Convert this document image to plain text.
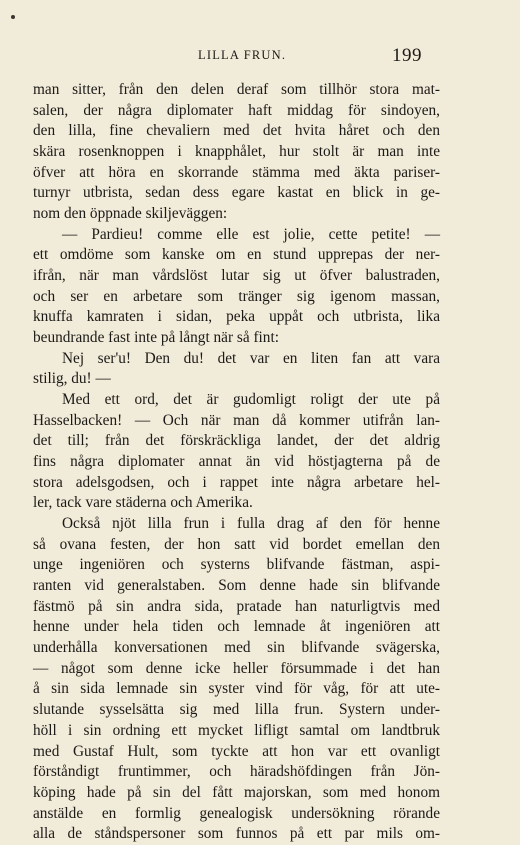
LILLA FRUN.	199
man sitter, från den delen deraf som tillhör stora mat-
salen, der några diplomater haft middag för sindoyen,
den lilla, fine chevaliern med det hvita håret och den
skära rosenknoppen i knapphålet, hur stolt är man inte
öfver att höra en skorrande stämma med äkta pariser-
turnyr utbrista, sedan dess egare kastat en blick in ge-
nom den öppnade skiljeväggen:
— Pardieu! comme elle est jolie, cette petite! —
ett omdöme som kanske om en stund upprepas der ner-
ifrån, när man vårdslöst lutar sig ut öfver balustraden,
och ser en arbetare som tränger sig igenom massan,
knuffa kamraten i sidan, peka uppåt och utbrista, lika
beundrande fast inte på långt när så fint:
Nej ser'u! Den du! det var en liten fan att vara
stilig, du! —
Med ett ord, det är gudomligt roligt der ute på
Hasselbacken! — Och när man då kommer utifrån lan-
det till; från det förskräckliga landet, der det aldrig
fins några diplomater annat än vid höstjagterna på de
stora adelsgodsen, och i rappet inte några arbetare hel-
ler, tack vare städerna och Amerika.
Också njöt lilla frun i fulla drag af den för henne
så ovana festen, der hon satt vid bordet emellan den
unge ingeniören och systerns blifvande fästman, aspi-
ranten vid generalstaben. Som denne hade sin blifvande
fästmö på sin andra sida, pratade han naturligtvis med
henne under hela tiden och lemnade åt ingeniören att
underhålla konversationen med sin blifvande svägerska,
— något som denne icke heller försummade i det han
å sin sida lemnade sin syster vind för våg, för att ute-
slutande sysselsätta sig med lilla frun. Systern under-
höll i sin ordning ett mycket lifligt samtal om landtbruk
med Gustaf Hult, som tyckte att hon var ett ovanligt
förståndigt fruntimmer, och häradshöfdingen från Jön-
köping hade på sin del fått majorskan, som med honom
anstälde en formlig genealogisk undersökning rörande
alla de ståndspersoner som funnos på ett par mils om-
